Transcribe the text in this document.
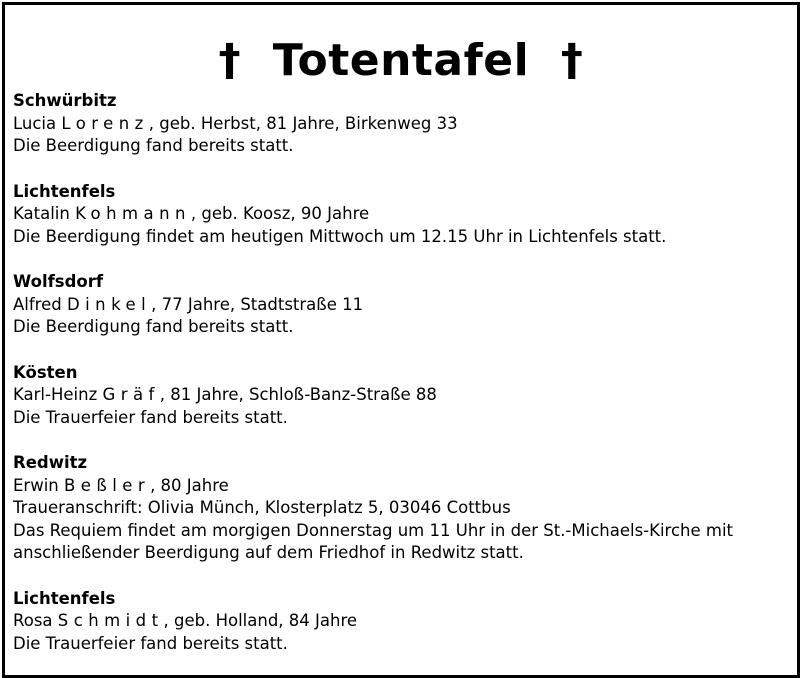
†  Totentafel  †
Schwürbitz
Lucia Lorenz, geb. Herbst, 81 Jahre, Birkenweg 33
Die Beerdigung fand bereits statt.
Lichtenfels
Katalin Kohmann, geb. Koosz, 90 Jahre
Die Beerdigung findet am heutigen Mittwoch um 12.15 Uhr in Lichtenfels statt.
Wolfsdorf
Alfred Dinkel, 77 Jahre, Stadtstraße 11
Die Beerdigung fand bereits statt.
Kösten
Karl-Heinz Gräf, 81 Jahre, Schloß-Banz-Straße 88
Die Trauerfeier fand bereits statt.
Redwitz
Erwin Beßler, 80 Jahre
Traueranschrift: Olivia Münch, Klosterplatz 5, 03046 Cottbus
Das Requiem findet am morgigen Donnerstag um 11 Uhr in der St.-Michaels-Kirche mit
anschließender Beerdigung auf dem Friedhof in Redwitz statt.
Lichtenfels
Rosa Schmidt, geb. Holland, 84 Jahre
Die Trauerfeier fand bereits statt.
